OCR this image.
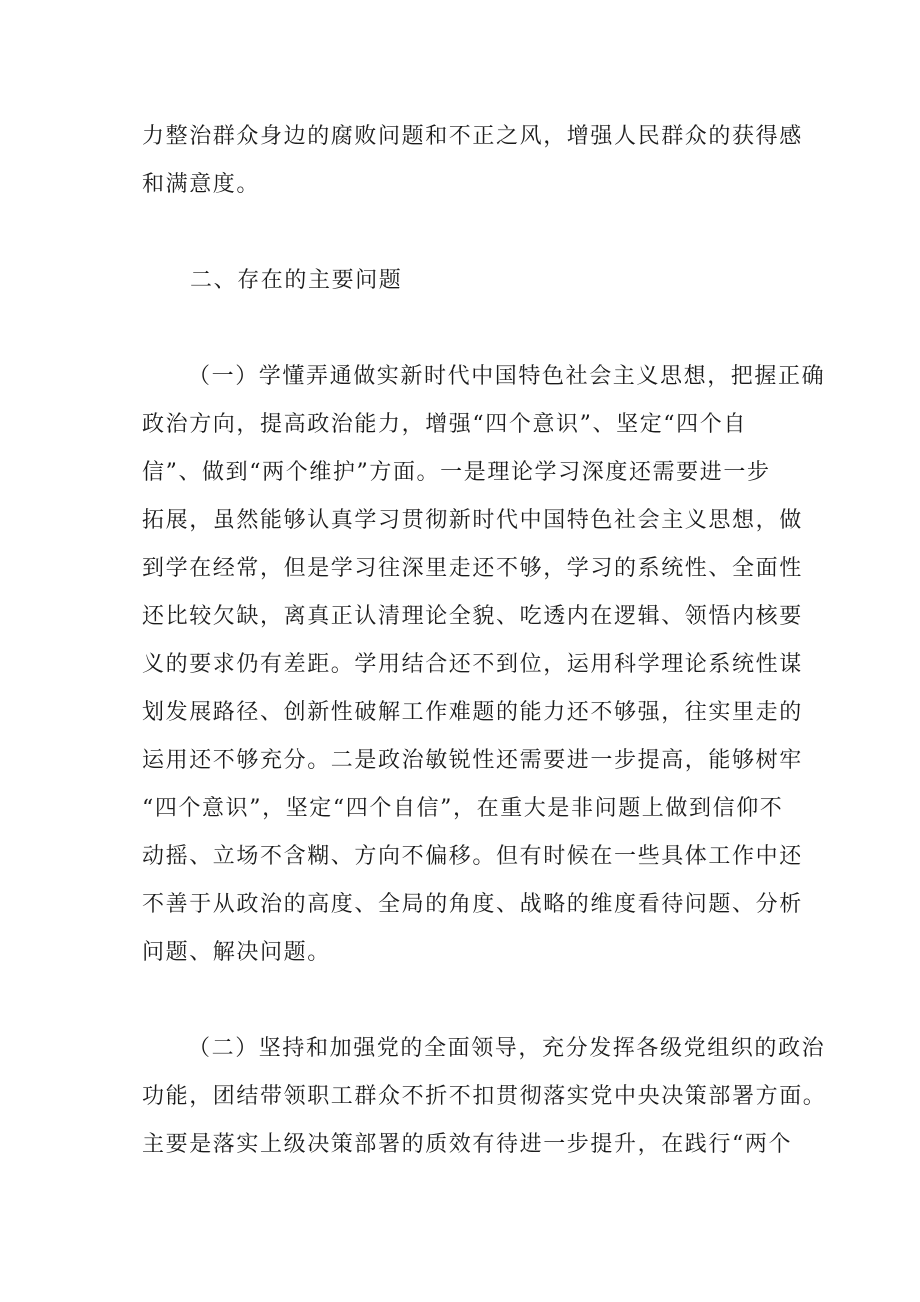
力整治群众身边的腐败问题和不正之风，增强人民群众的获得感
和满意度。
二、存在的主要问题
（一）学懂弄通做实新时代中国特色社会主义思想，把握正确
政治方向，提高政治能力，增强“四个意识”、坚定“四个自
信”、做到“两个维护”方面。一是理论学习深度还需要进一步
拓展，虽然能够认真学习贯彻新时代中国特色社会主义思想，做
到学在经常，但是学习往深里走还不够，学习的系统性、全面性
还比较欠缺，离真正认清理论全貌、吃透内在逻辑、领悟内核要
义的要求仍有差距。学用结合还不到位，运用科学理论系统性谋
划发展路径、创新性破解工作难题的能力还不够强，往实里走的
运用还不够充分。二是政治敏锐性还需要进一步提高，能够树牢
“四个意识”，坚定“四个自信”，在重大是非问题上做到信仰不
动摇、立场不含糊、方向不偏移。但有时候在一些具体工作中还
不善于从政治的高度、全局的角度、战略的维度看待问题、分析
问题、解决问题。
（二）坚持和加强党的全面领导，充分发挥各级党组织的政治
功能，团结带领职工群众不折不扣贯彻落实党中央决策部署方面。
主要是落实上级决策部署的质效有待进一步提升，在践行“两个
